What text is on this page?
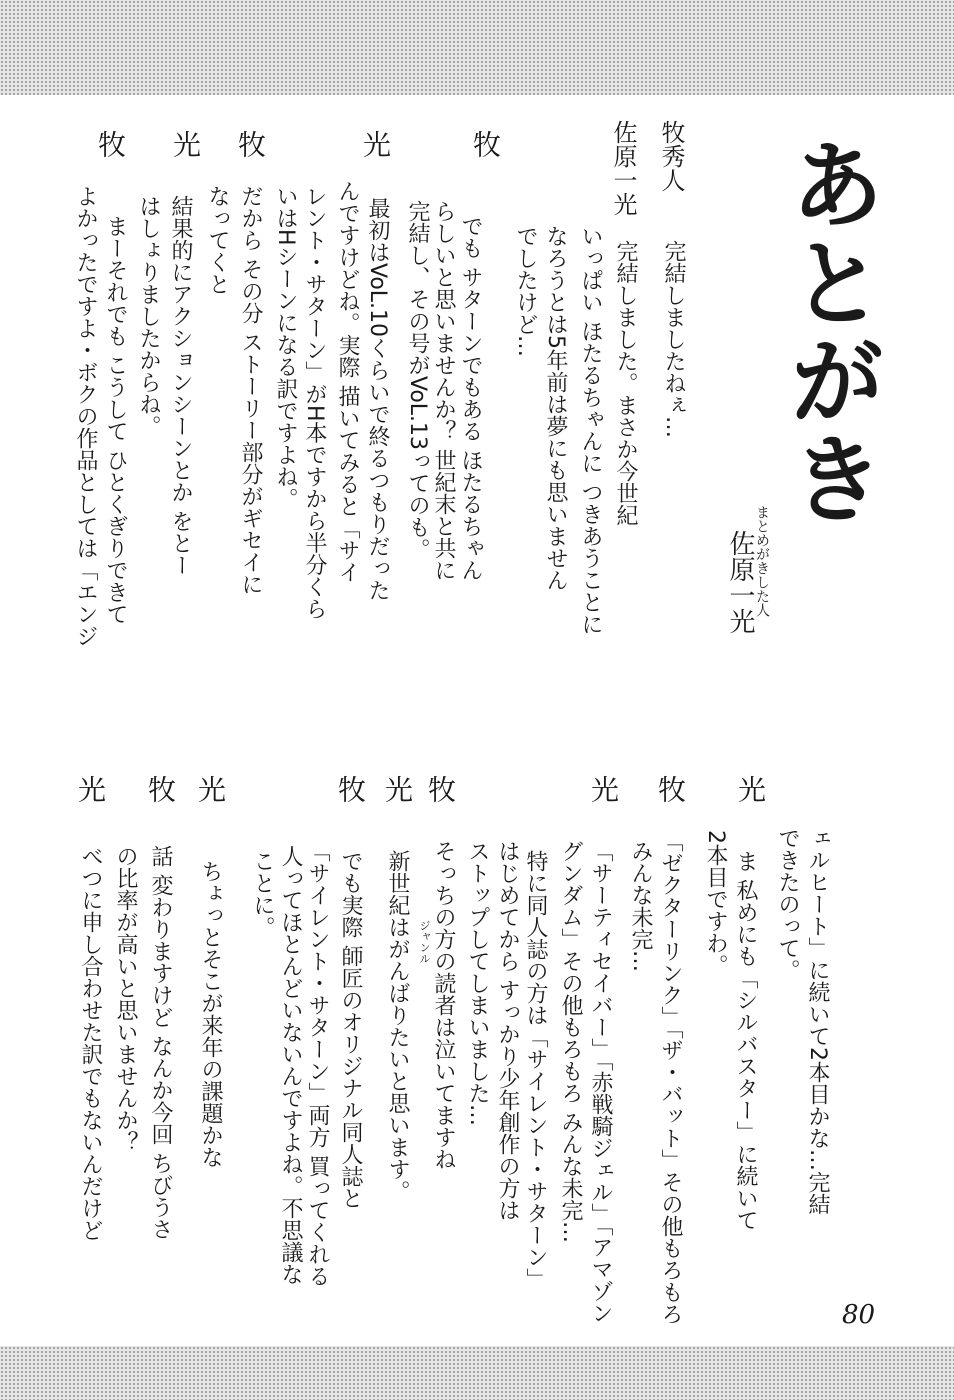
あとがき
まとめがきした人
佐原一光
牧秀人
完結しましたねぇ…
佐原一光
完結しました。まさか今世紀
いっぱい ほたるちゃんに つきあうことに
なろうとは5年前は夢にも思いません
でしたけど…
牧
でも サターンでもある ほたるちゃん
らしいと思いませんか？ 世紀末と共に
完結し、その号がVoL.13ってのも。
光
最初はVoL.10くらいで終るつもりだった
んですけどね。実際 描いてみると「サイ
レント・サターン」がH本ですから半分くら
いはHシーンになる訳ですよね。
牧
だから その分 ストーリー部分がギセイに
なってくと
光
結果的にアクションシーンとか をとー
はしょりましたからね。
牧
まーそれでも こうして ひとくぎりできて
よかったですよ・ボクの作品としては「エンジ
ェルヒート」に続いて2本目かな…完結
できたのって。
光
ま 私めにも「シルバスター」に続いて
2本目ですわ。
牧
「ゼクターリンク」「ザ・バット」その他もろもろ
みんな未完…
光
「サーティセイバー」「赤戦騎ジェル」「アマゾン
グンダム」その他もろもろ みんな未完…
特に同人誌の方は「サイレント・サターン」
はじめてから すっかり少年創作の方は
ストップしてしまいました…
牧
そっちの方の読者は泣いてますね
ジャンル
光
新世紀はがんばりたいと思います。
牧
でも実際 師匠のオリジナル同人誌と
「サイレント・サターン」両方 買ってくれる
人ってほとんどいないんですよね。不思議な
ことに。
光
ちょっとそこが来年の課題かな
牧
話 変わりますけど なんか今回 ちびうさ
の比率が高いと思いませんか？
光
べつに申し合わせた訳でもないんだけど
80
